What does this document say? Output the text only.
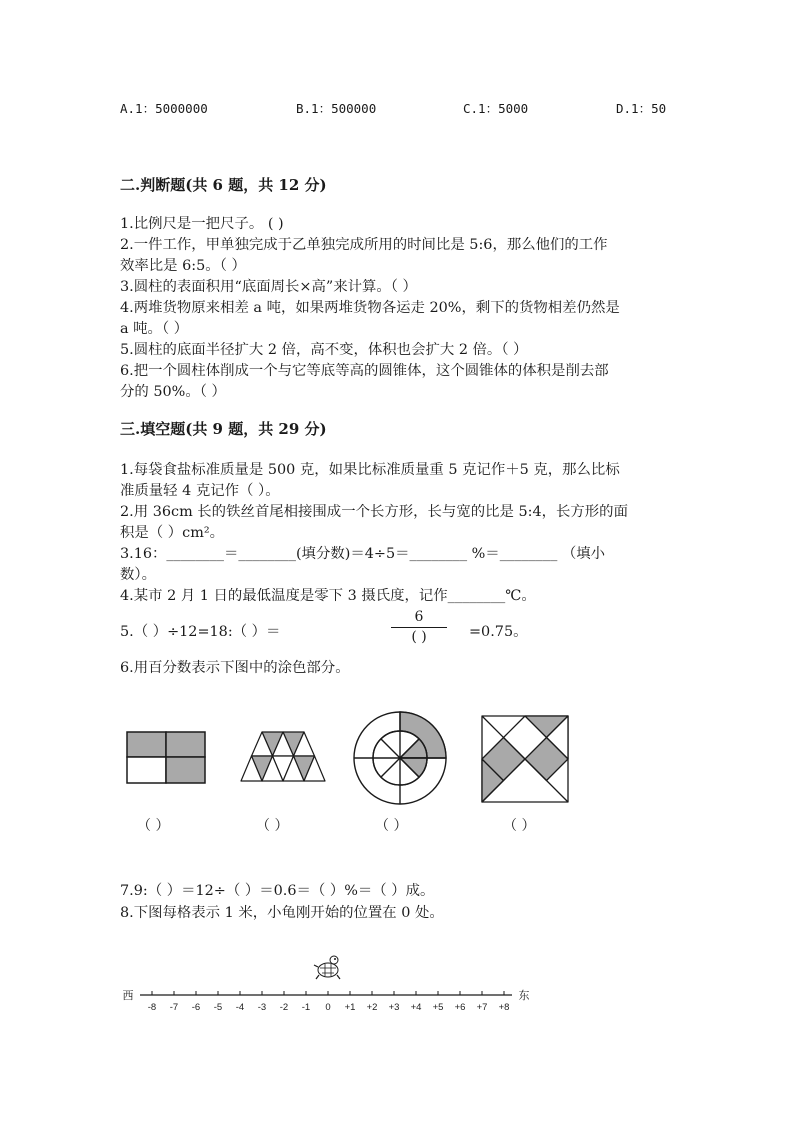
A.1：5000000	B.1：500000	C.1：5000	D.1：50
二.判断题(共 6 题，共 12 分)
1.比例尺是一把尺子。 ( )
2.一件工作，甲单独完成于乙单独完成所用的时间比是 5:6，那么他们的工作
效率比是 6:5。（ ）
3.圆柱的表面积用“底面周长×高”来计算。（ ）
4.两堆货物原来相差 a 吨，如果两堆货物各运走 20%，剩下的货物相差仍然是
a 吨。（ ）
5.圆柱的底面半径扩大 2 倍，高不变，体积也会扩大 2 倍。（ ）
6.把一个圆柱体削成一个与它等底等高的圆锥体，这个圆锥体的体积是削去部
分的 50%。（ ）
三.填空题(共 9 题，共 29 分)
1.每袋食盐标准质量是 500 克，如果比标准质量重 5 克记作＋5 克，那么比标
准质量轻 4 克记作（ ）。
2.用 36cm 长的铁丝首尾相接围成一个长方形，长与宽的比是 5:4，长方形的面
积是（ ）cm²。
3.16：________＝________(填分数)＝4÷5＝________ %＝________ （填小
数）。
4.某市 2 月 1 日的最低温度是零下 3 摄氏度，记作________℃。
5.（ ）÷12=18:（ ）＝
6
( )	=0.75。
6.用百分数表示下图中的涂色部分。
（ ）	（ ）	（ ）	（ ）
7.9:（ ）＝12÷（ ）＝0.6＝（ ）%＝（ ）成。
8.下图每格表示 1 米，小龟刚开始的位置在 0 处。
西	东
-8 -7 -6 -5 -4 -3 -2 -1 0 +1 +2 +3 +4 +5 +6 +7 +8
